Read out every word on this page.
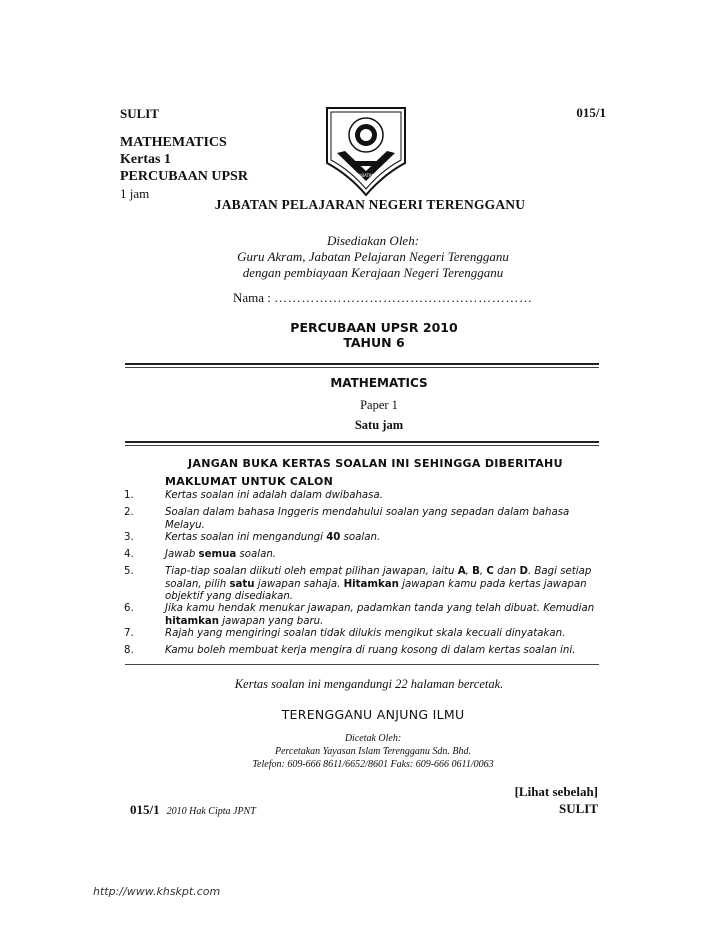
SULIT
MATHEMATICS
Kertas 1
PERCUBAAN UPSR
1 jam
015/1
JABATAN
JABATAN PELAJARAN NEGERI TERENGGANU
Disediakan Oleh:
Guru Akram, Jabatan Pelajaran Negeri Terengganu
dengan pembiayaan Kerajaan Negeri Terengganu
Nama : …………………………………………………
PERCUBAAN UPSR 2010
TAHUN 6
MATHEMATICS
Paper 1
Satu jam
JANGAN BUKA KERTAS SOALAN INI SEHINGGA DIBERITAHU
MAKLUMAT UNTUK CALON
1.	Kertas soalan ini adalah dalam dwibahasa.
2.	Soalan dalam bahasa Inggeris mendahului soalan yang sepadan dalam bahasa Melayu.
3.	Kertas soalan ini mengandungi 40 soalan.
4.	Jawab semua soalan.
5.	Tiap-tiap soalan diikuti oleh empat pilihan jawapan, iaitu A, B, C dan D. Bagi setiap soalan, pilih satu jawapan sahaja. Hitamkan jawapan kamu pada kertas jawapan objektif yang disediakan.
6.	Jika kamu hendak menukar jawapan, padamkan tanda yang telah dibuat. Kemudian hitamkan jawapan yang baru.
7.	Rajah yang mengiringi soalan tidak dilukis mengikut skala kecuali dinyatakan.
8.	Kamu boleh membuat kerja mengira di ruang kosong di dalam kertas soalan ini.
Kertas soalan ini mengandungi 22 halaman bercetak.
TERENGGANU ANJUNG ILMU
Dicetak Oleh:
Percetakan Yayasan Islam Terengganu Sdn. Bhd.
Telefon: 609-666 8611/6652/8601 Faks: 609-666 0611/0063
[Lihat sebelah]
SULIT
015/1 2010 Hak Cipta JPNT
http://www.khskpt.com
